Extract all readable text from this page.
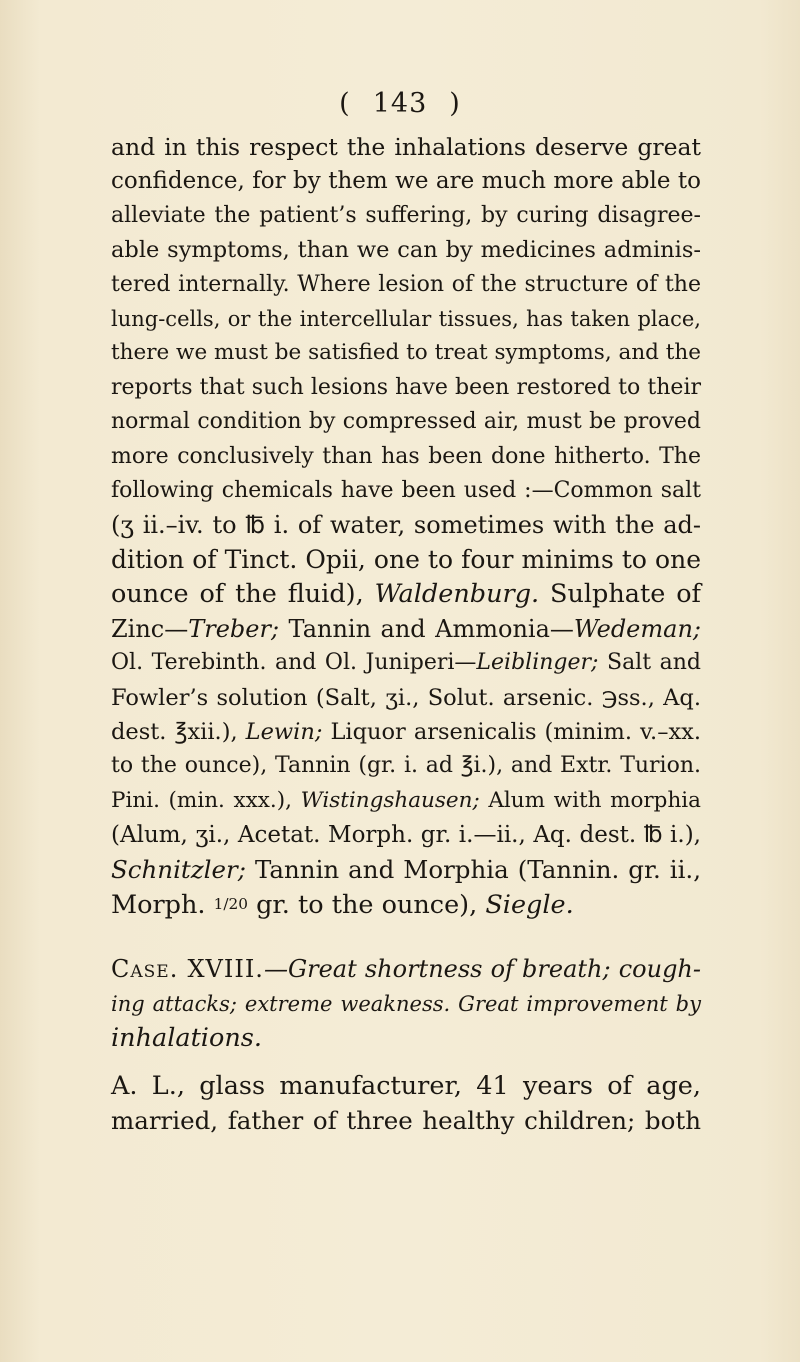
( 143 )
and in this respect the inhalations deserve great
confidence, for by them we are much more able to
alleviate the patient’s suffering, by curing disagree-
able symptoms, than we can by medicines adminis-
tered internally. Where lesion of the structure of the
lung-cells, or the intercellular tissues, has taken place,
there we must be satisfied to treat symptoms, and the
reports that such lesions have been restored to their
normal condition by compressed air, must be proved
more conclusively than has been done hitherto. The
following chemicals have been used :—Common salt
(ʒ ii.–iv. to ℔ i. of water, sometimes with the ad-
dition of Tinct. Opii, one to four minims to one
ounce of the fluid), Waldenburg. Sulphate of
Zinc—Treber; Tannin and Ammonia—Wedeman;
Ol. Terebinth. and Ol. Juniperi—Leiblinger; Salt and
Fowler’s solution (Salt, ʒi., Solut. arsenic. ℈ss., Aq.
dest. ℥xii.), Lewin; Liquor arsenicalis (minim. v.–xx.
to the ounce), Tannin (gr. i. ad ℥i.), and Extr. Turion.
Pini. (min. xxx.), Wistingshausen; Alum with morphia
(Alum, ʒi., Acetat. Morph. gr. i.—ii., Aq. dest. ℔ i.),
Schnitzler; Tannin and Morphia (Tannin. gr. ii.,
Morph. 1/20 gr. to the ounce), Siegle.
Case. XVIII.—Great shortness of breath; cough-
ing attacks; extreme weakness. Great improvement by
inhalations.
A. L., glass manufacturer, 41 years of age,
married, father of three healthy children; both
